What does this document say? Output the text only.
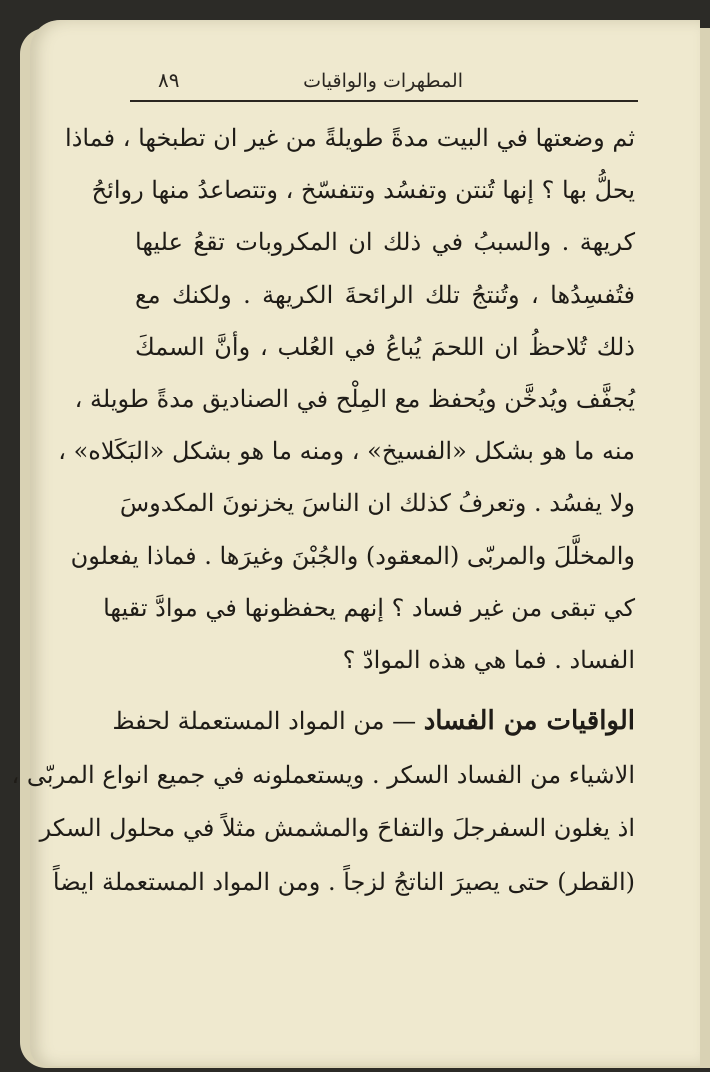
المطهرات والواقيات
٨٩
ثم وضعتها في البيت مدةً طويلةً من غير ان تطبخها ، فماذا
يحلُّ بها ؟ إنها تُنتن وتفسُد وتتفسّخ ، وتتصاعدُ منها روائحُ
كريهة . والسببُ في ذلك ان المكروبات تقعُ عليها
فتُفسِدُها ، وتُنتجُ تلك الرائحةَ الكريهة . ولكنك مع
ذلك تُلاحظُ ان اللحمَ يُباعُ في العُلب ، وأنَّ السمكَ
يُجفَّف ويُدخَّن ويُحفظ مع المِلْح في الصناديق مدةً طويلة ،
منه ما هو بشكل «الفسيخ» ، ومنه ما هو بشكل «البَكَلاه» ،
ولا يفسُد . وتعرفُ كذلك ان الناسَ يخزنونَ المكدوسَ
والمخلَّلَ والمربّى (المعقود) والجُبْنَ وغيرَها . فماذا يفعلون
كي تبقى من غير فساد ؟ إنهم يحفظونها في موادَّ تقيها
الفساد . فما هي هذه الموادّ ؟
الواقيات من الفساد — من المواد المستعملة لحفظ
الاشياء من الفساد السكر . ويستعملونه في جميع انواع المربّى ،
اذ يغلون السفرجلَ والتفاحَ والمشمش مثلاً في محلول السكر
(القطر) حتى يصيرَ الناتجُ لزجاً . ومن المواد المستعملة ايضاً
